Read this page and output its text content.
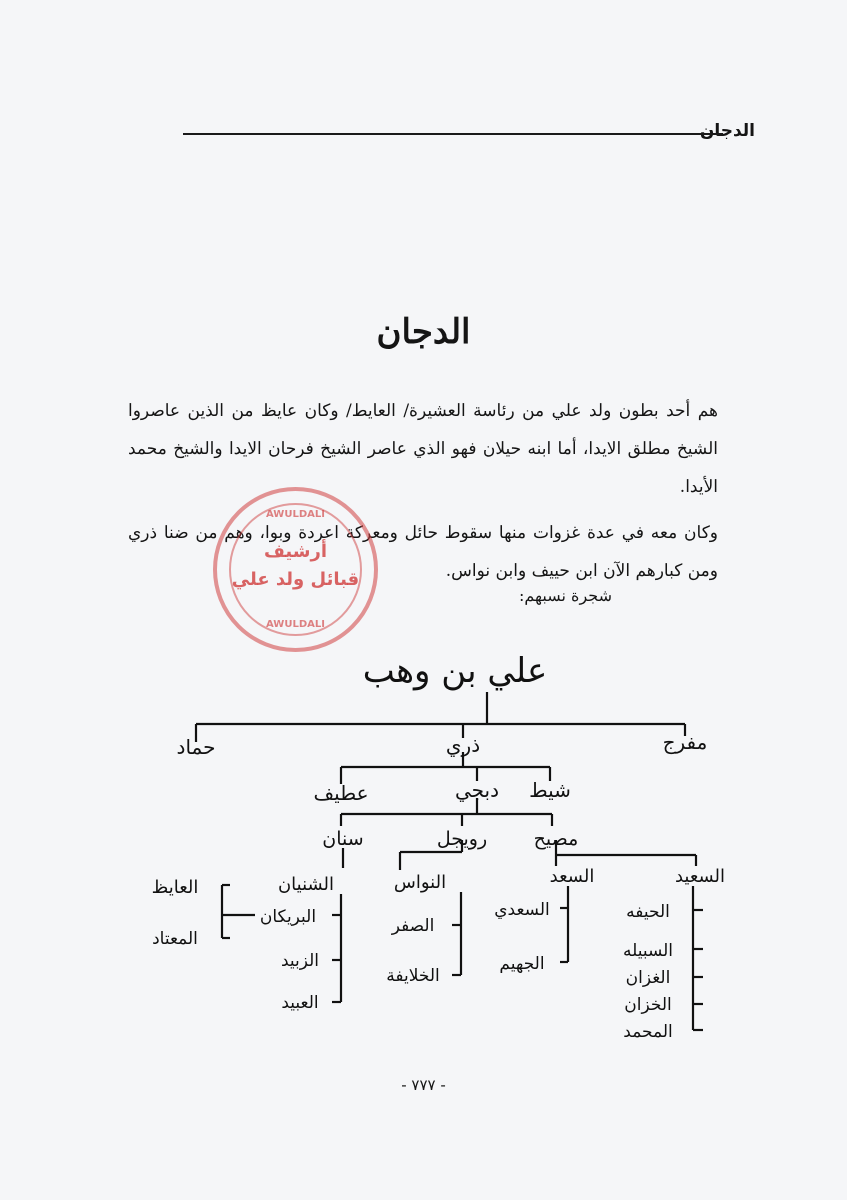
الدجان
الدجان
هم أحد بطون ولد علي من رئاسة العشيرة/ العايط/ وكان عايظ من الذين عاصروا الشيخ مطلق الايدا، أما ابنه حيلان فهو الذي عاصر الشيخ فرحان الايدا والشيخ محمد الأيدا.
وكان معه في عدة غزوات منها سقوط حائل ومعركة اعردة وبوا، وهم من ضنا ذري ومن كبارهم الآن ابن حييف وابن نواس.
شجرة نسبهم:
AWULDALI
أرشيف
قبائل ولد علي
AWULDALI
علي بن وهب
مفرج
ذري
حماد
شيط
دبجي
عطيف
مصيح
رويجل
سنان
السعيد
السعد
النواس
الشنيان
العايظ
الحيفه
السبيله
الغزان
الخزان
المحمد
السعدي
الجهيم
الصفر
الخلايفة
البريكان
الزبيد
العبيد
المعتاد
- ٧٧٧ -
